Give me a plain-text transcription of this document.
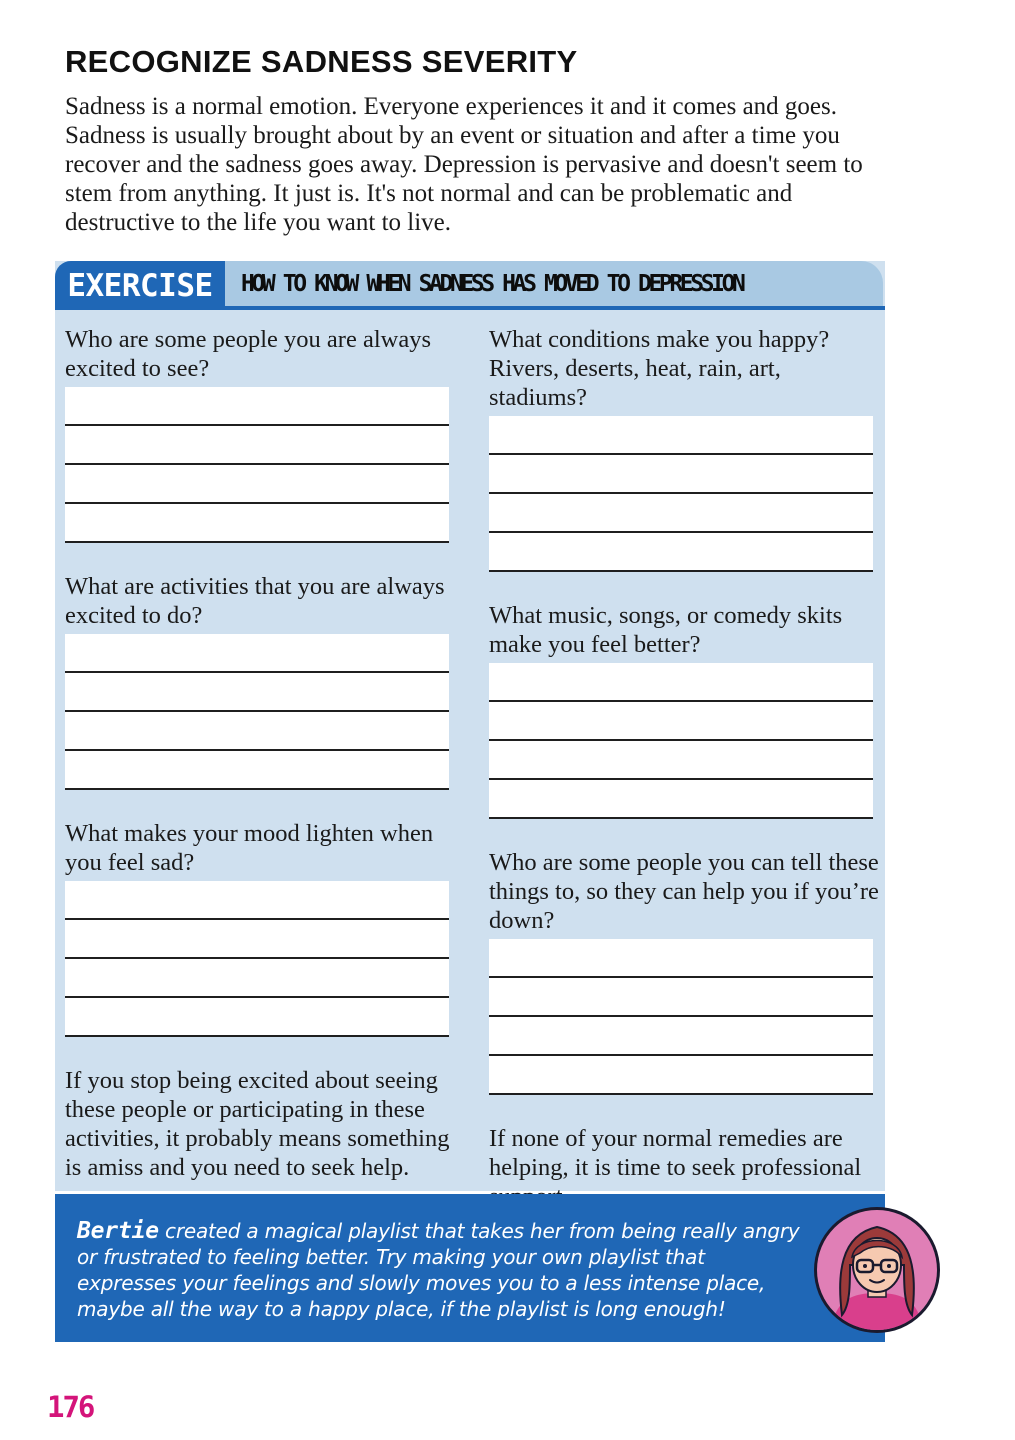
RECOGNIZE SADNESS SEVERITY

Sadness is a normal emotion. Everyone experiences it and it comes and goes. Sadness is usually brought about by an event or situation and after a time you recover and the sadness goes away. Depression is pervasive and doesn't seem to stem from anything. It just is. It's not normal and can be problematic and destructive to the life you want to live.

EXERCISE	HOW TO KNOW WHEN SADNESS HAS MOVED TO DEPRESSION

Who are some people you are always excited to see?

What are activities that you are always excited to do?

What makes your mood lighten when you feel sad?

If you stop being excited about seeing these people or participating in these activities, it probably means something is amiss and you need to seek help.

What conditions make you happy? Rivers, deserts, heat, rain, art, stadiums?

What music, songs, or comedy skits make you feel better?

Who are some people you can tell these things to, so they can help you if you’re down?

If none of your normal remedies are helping, it is time to seek professional

Bertie created a magical playlist that takes her from being really angry or frustrated to feeling better. Try making your own playlist that expresses your feelings and slowly moves you to a less intense place, maybe all the way to a happy place, if the playlist is long enough!

176
